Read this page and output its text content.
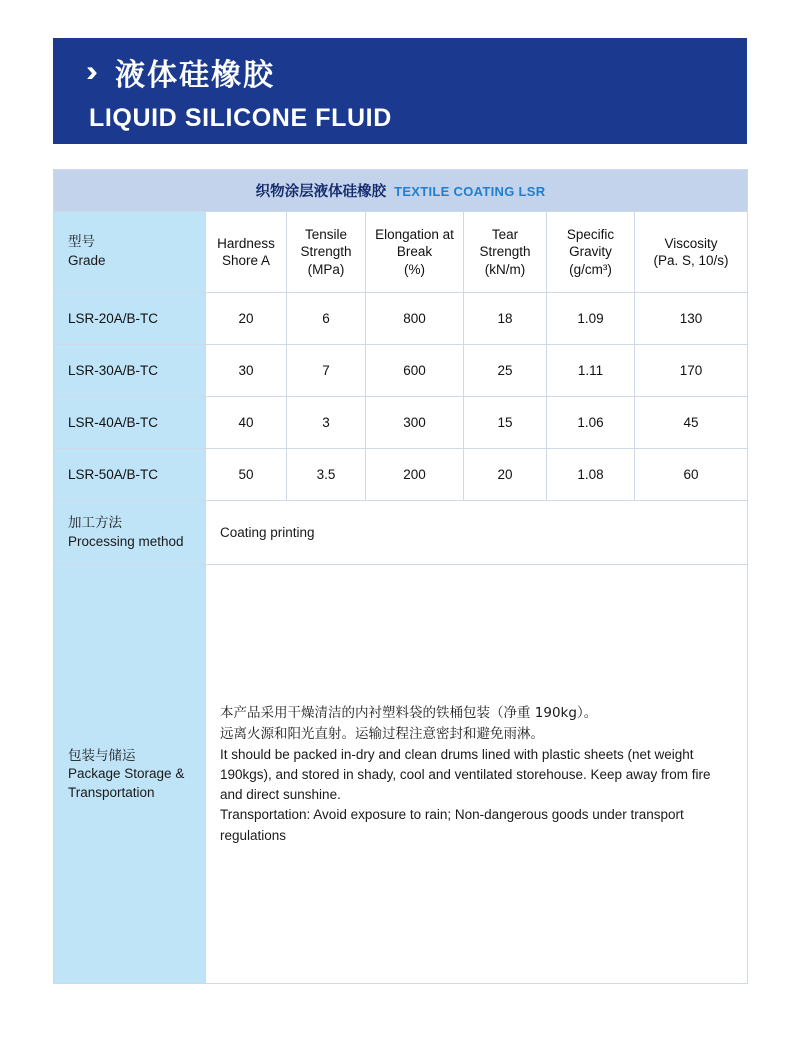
› 液体硅橡胶
LIQUID SILICONE FLUID
织物涂层液体硅橡胶 TEXTILE COATING LSR						

型号
Grade

Hardness
Shore A

Tensile
Strength
(MPa)

Elongation at
Break
(%)

Tear
Strength
(kN/m)

Specific
Gravity
(g/cm³)

Viscosity
(Pa. S, 10/s)

LSR-20A/B-TC	20	6	800	18	1.09	130
LSR-30A/B-TC	30	7	600	25	1.11	170
LSR-40A/B-TC	40	3	300	15	1.06	45
LSR-50A/B-TC	50	3.5	200	20	1.08	60

加工方法
Processing method	Coating printing					

包装与储运
Package Storage &
Transportation

本产品采用干燥清洁的内衬塑料袋的铁桶包装（净重 190kg）。

远离火源和阳光直射。运输过程注意密封和避免雨淋。

It should be packed in-dry and clean drums lined with plastic sheets (net weight 190kgs), and stored in shady, cool and ventilated storehouse. Keep away from fire and direct sunshine.

Transportation: Avoid exposure to rain; Non-dangerous goods under transport regulations
